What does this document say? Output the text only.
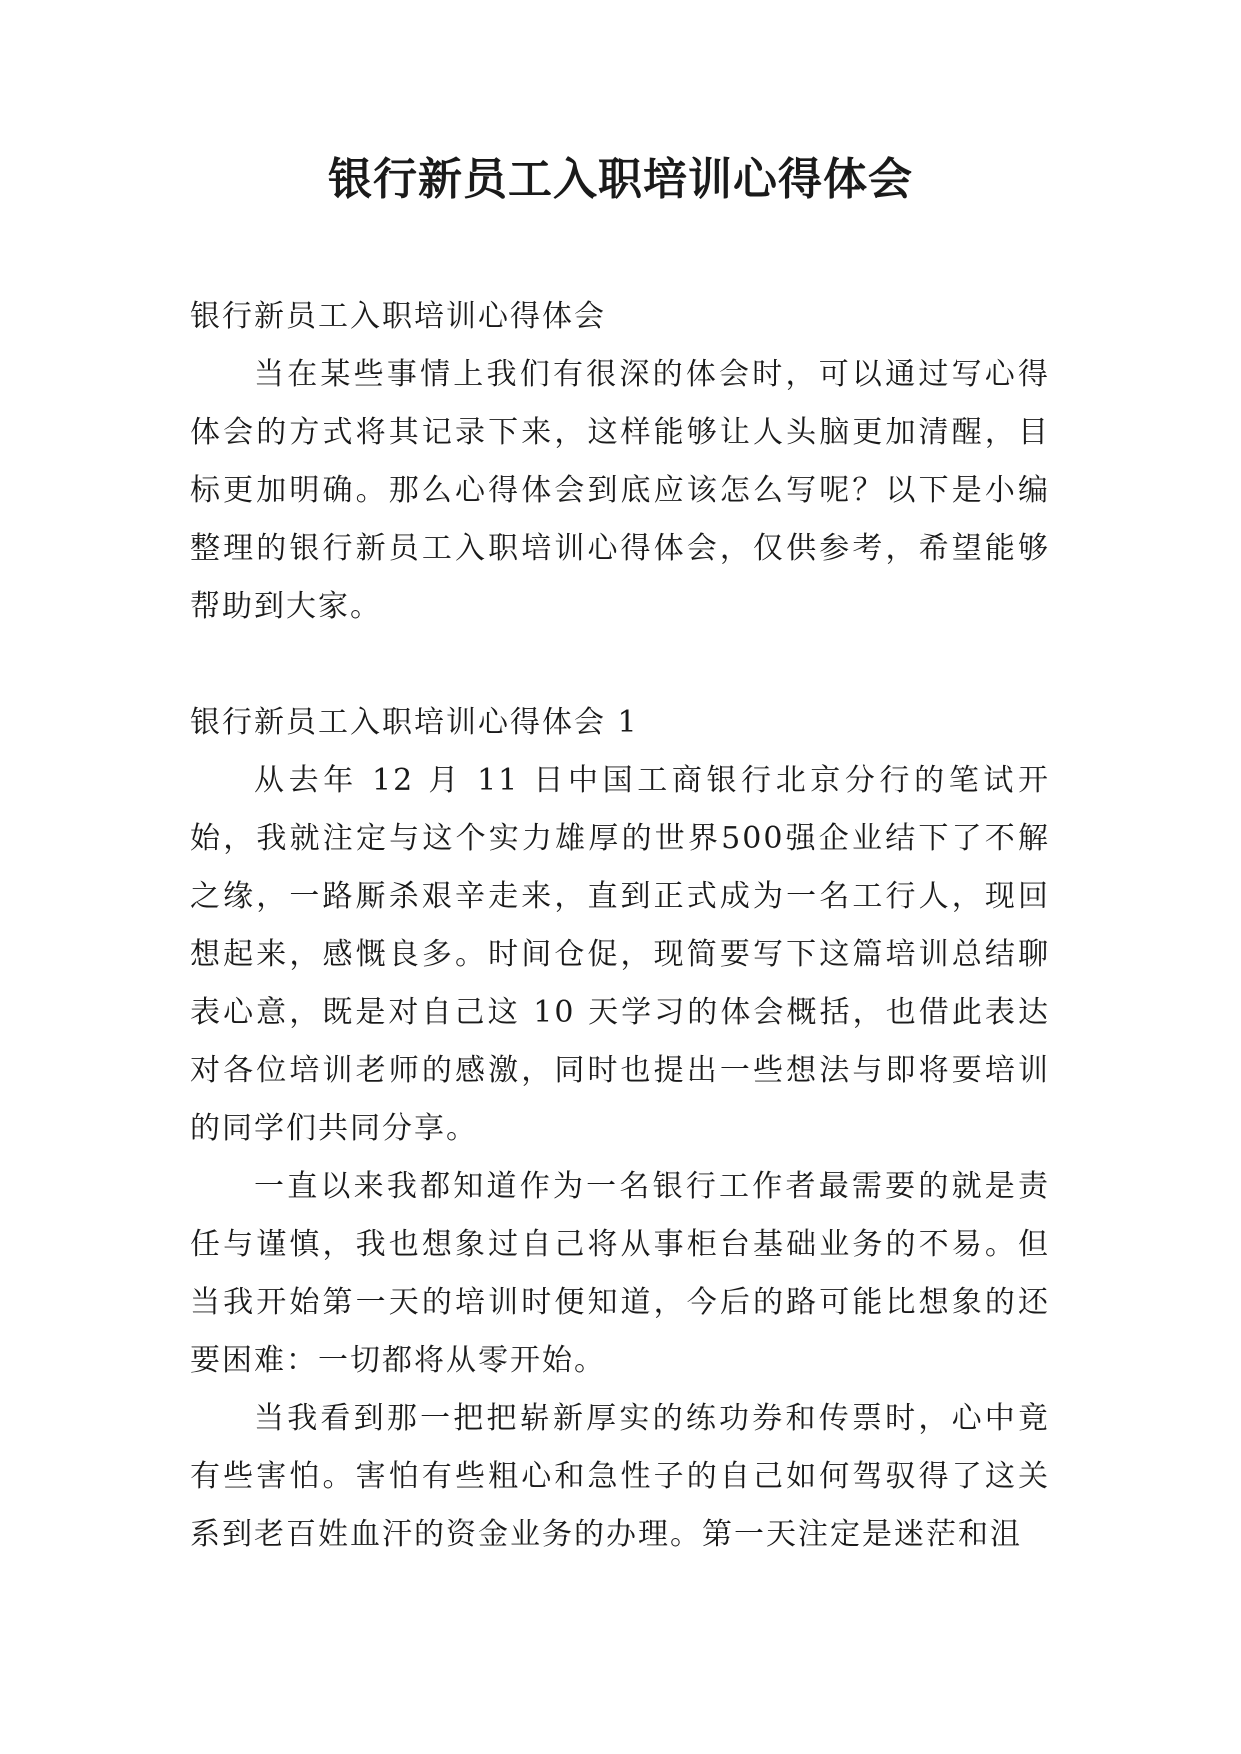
银行新员工入职培训心得体会

银行新员工入职培训心得体会

当在某些事情上我们有很深的体会时，可以通过写心得体会的方式将其记录下来，这样能够让人头脑更加清醒，目标更加明确。那么心得体会到底应该怎么写呢？以下是小编整理的银行新员工入职培训心得体会，仅供参考，希望能够帮助到大家。

银行新员工入职培训心得体会 1

从去年 12 月 11 日中国工商银行北京分行的笔试开始，我就注定与这个实力雄厚的世界500强企业结下了不解之缘，一路厮杀艰辛走来，直到正式成为一名工行人，现回想起来，感慨良多。时间仓促，现简要写下这篇培训总结聊表心意，既是对自己这 10 天学习的体会概括，也借此表达对各位培训老师的感激，同时也提出一些想法与即将要培训的同学们共同分享。

一直以来我都知道作为一名银行工作者最需要的就是责任与谨慎，我也想象过自己将从事柜台基础业务的不易。但当我开始第一天的培训时便知道，今后的路可能比想象的还要困难：一切都将从零开始。

当我看到那一把把崭新厚实的练功券和传票时，心中竟有些害怕。害怕有些粗心和急性子的自己如何驾驭得了这关系到老百姓血汗的资金业务的办理。第一天注定是迷茫和沮
